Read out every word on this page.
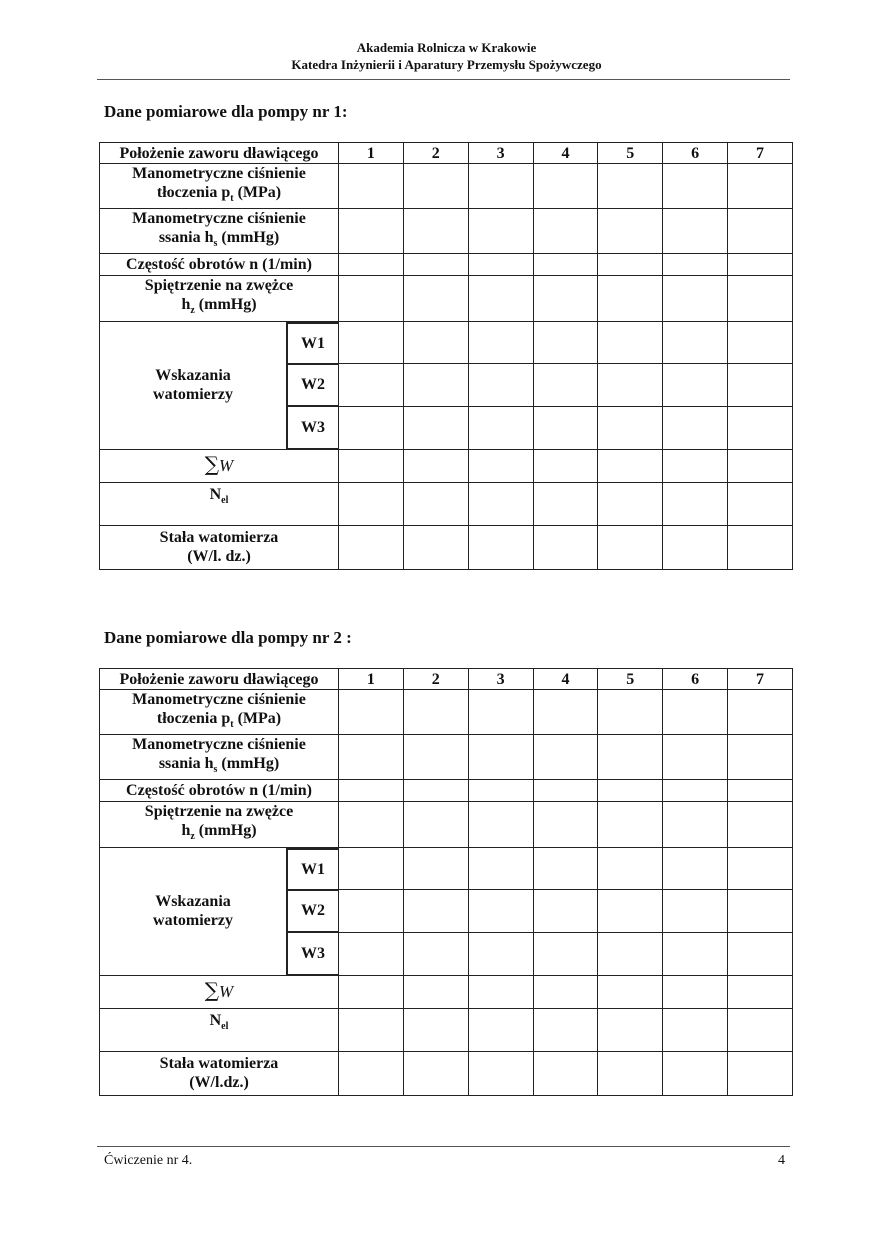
Akademia Rolnicza w Krakowie
Katedra Inżynierii i Aparatury Przemysłu Spożywczego
Dane pomiarowe dla pompy nr 1:
Dane pomiarowe dla pompy nr 2 :
Położenie zaworu dławiącego	1	2	3	4	5	6	7
Manometryczne ciśnienie
tłoczenia $p_t$ (MPa)							
Manometryczne ciśnienie
ssania $h_s$ (mmHg)							
Częstość obrotów n (1/min)							
Spiętrzenie na zwężce
$h_z$ (mmHg)							

Wskazania
watomierzy
W1
W2
W3							

∑W							
$N_{el}$							
Stała watomierza
(W/l. dz.)							
Położenie zaworu dławiącego	1	2	3	4	5	6	7
Manometryczne ciśnienie
tłoczenia $p_t$ (MPa)							
Manometryczne ciśnienie
ssania $h_s$ (mmHg)							
Częstość obrotów n (1/min)							
Spiętrzenie na zwężce
$h_z$ (mmHg)							

Wskazania
watomierzy
W1
W2
W3							

∑W							
$N_{el}$							
Stała watomierza
(W/l.dz.)							
Ćwiczenie nr 4.	4
